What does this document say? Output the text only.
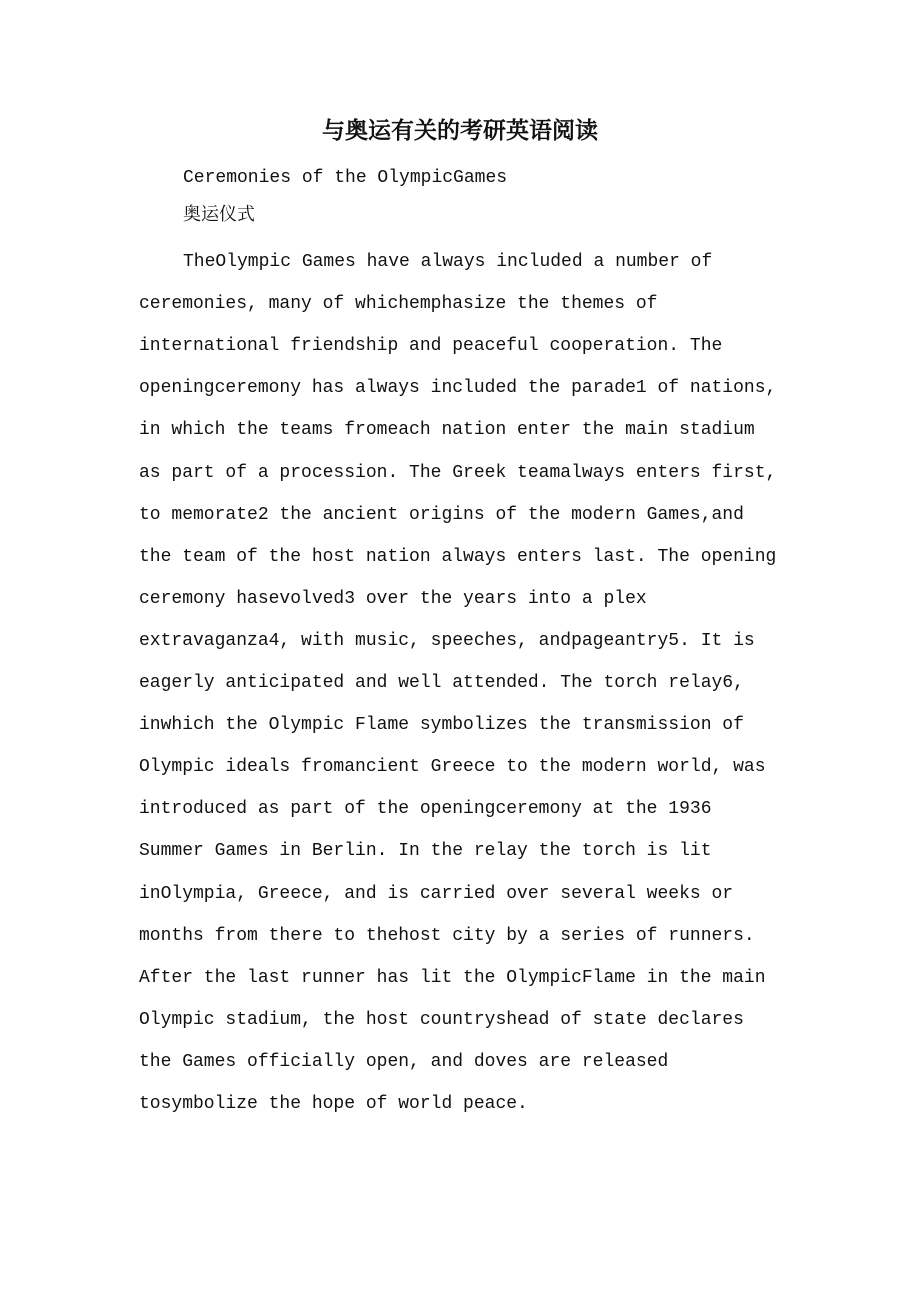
与奥运有关的考研英语阅读
Ceremonies of the OlympicGames
奥运仪式
TheOlympic Games have always included a number of
ceremonies, many of whichemphasize the themes of
international friendship and peaceful cooperation. The
openingceremony has always included the parade1 of nations,
in which the teams fromeach nation enter the main stadium
as part of a procession. The Greek teamalways enters first,
to memorate2 the ancient origins of the modern Games,and
the team of the host nation always enters last. The opening
ceremony hasevolved3 over the years into a plex
extravaganza4, with music, speeches, andpageantry5. It is
eagerly anticipated and well attended. The torch relay6,
inwhich the Olympic Flame symbolizes the transmission of
Olympic ideals fromancient Greece to the modern world, was
introduced as part of the openingceremony at the 1936
Summer Games in Berlin. In the relay the torch is lit
inOlympia, Greece, and is carried over several weeks or
months from there to thehost city by a series of runners.
After the last runner has lit the OlympicFlame in the main
Olympic stadium, the host countryshead of state declares
the Games officially open, and doves are released
tosymbolize the hope of world peace.
